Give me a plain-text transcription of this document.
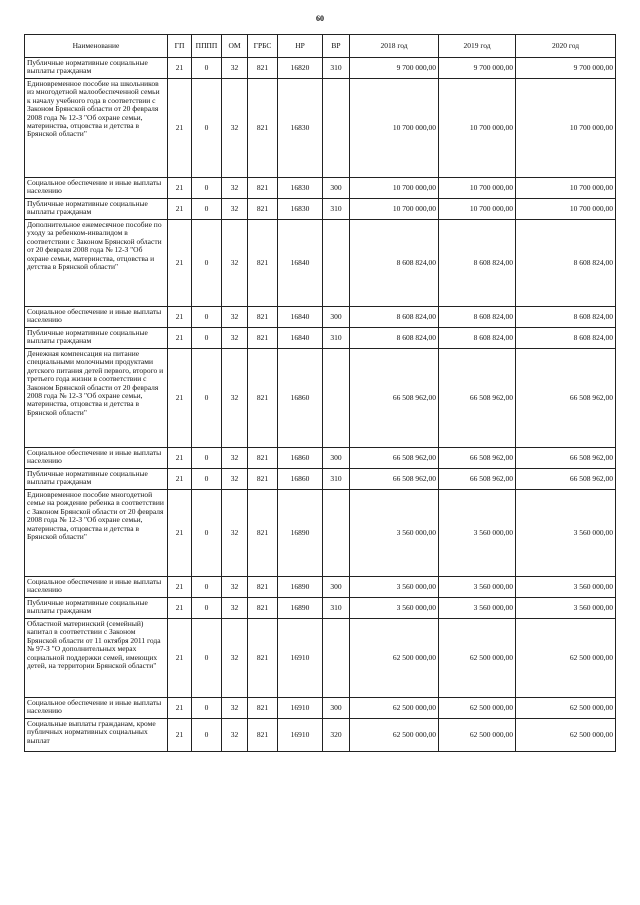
60
Наименование	ГП	ПППП	ОМ	ГРБС	НР	ВР	2018 год	2019 год	2020 год
Публичные нормативные социальные выплаты гражданам	21	0	32	821	16820	310	9 700 000,00	9 700 000,00	9 700 000,00
Единовременное пособие на школьников из многодетной малообеспеченной семьи к началу учебного года в соответствии с Законом Брянской области от 20 февраля 2008 года № 12-З "Об охране семьи, материнства, отцовства и детства в Брянской области"	21	0	32	821	16830		10 700 000,00	10 700 000,00	10 700 000,00
Социальное обеспечение и иные выплаты населению	21	0	32	821	16830	300	10 700 000,00	10 700 000,00	10 700 000,00
Публичные нормативные социальные выплаты гражданам	21	0	32	821	16830	310	10 700 000,00	10 700 000,00	10 700 000,00
Дополнительное ежемесячное пособие по уходу за ребенком-инвалидом в соответствии с Законом Брянской области от 20 февраля 2008 года № 12-З "Об охране семьи, материнства, отцовства и детства в Брянской области"	21	0	32	821	16840		8 608 824,00	8 608 824,00	8 608 824,00
Социальное обеспечение и иные выплаты населению	21	0	32	821	16840	300	8 608 824,00	8 608 824,00	8 608 824,00
Публичные нормативные социальные выплаты гражданам	21	0	32	821	16840	310	8 608 824,00	8 608 824,00	8 608 824,00
Денежная компенсация на питание специальными молочными продуктами детского питания детей первого, второго и третьего года жизни в соответствии с Законом Брянской области от 20 февраля 2008 года № 12-З "Об охране семьи, материнства, отцовства и детства в Брянской области"	21	0	32	821	16860		66 508 962,00	66 508 962,00	66 508 962,00
Социальное обеспечение и иные выплаты населению	21	0	32	821	16860	300	66 508 962,00	66 508 962,00	66 508 962,00
Публичные нормативные социальные выплаты гражданам	21	0	32	821	16860	310	66 508 962,00	66 508 962,00	66 508 962,00
Единовременное пособие многодетной семье на рождение ребенка в соответствии с Законом Брянской области от 20 февраля 2008 года № 12-З "Об охране семьи, материнства, отцовства и детства в Брянской области"	21	0	32	821	16890		3 560 000,00	3 560 000,00	3 560 000,00
Социальное обеспечение и иные выплаты населению	21	0	32	821	16890	300	3 560 000,00	3 560 000,00	3 560 000,00
Публичные нормативные социальные выплаты гражданам	21	0	32	821	16890	310	3 560 000,00	3 560 000,00	3 560 000,00
Областной материнский (семейный) капитал в соответствии с Законом Брянской области от 11 октября 2011 года № 97-З "О дополнительных мерах социальной поддержки семей, имеющих детей, на территории Брянской области"	21	0	32	821	16910		62 500 000,00	62 500 000,00	62 500 000,00
Социальное обеспечение и иные выплаты населению	21	0	32	821	16910	300	62 500 000,00	62 500 000,00	62 500 000,00
Социальные выплаты гражданам, кроме публичных нормативных социальных выплат	21	0	32	821	16910	320	62 500 000,00	62 500 000,00	62 500 000,00
